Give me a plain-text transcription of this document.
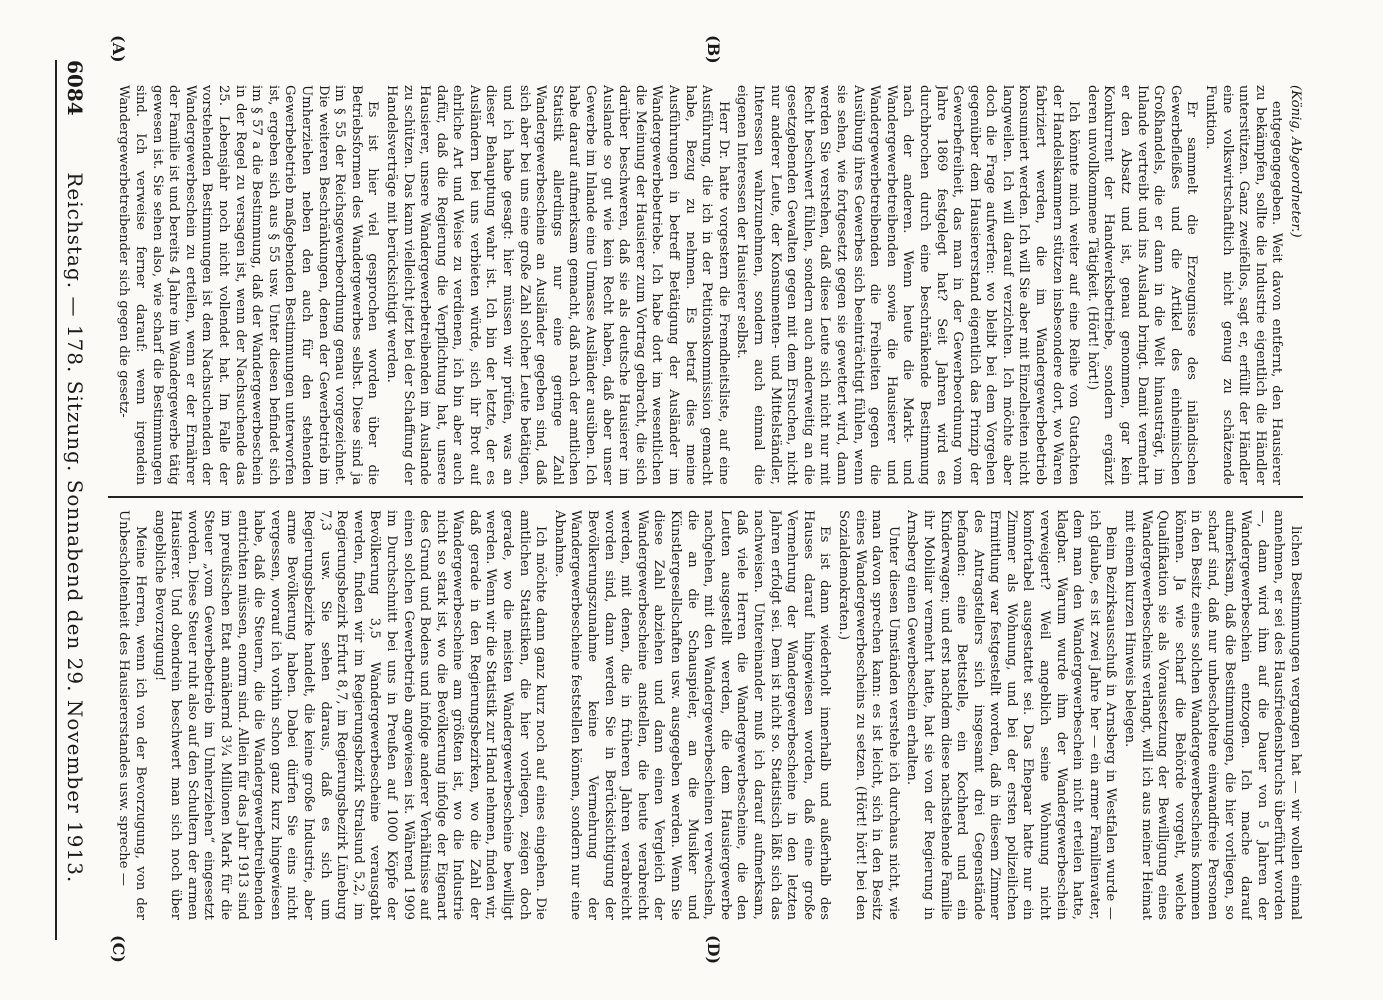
6084
Reichstag. — 178. Sitzung. Sonnabend den 29. November 1913.
(A)	(B)
(C)	(D)

(König, Abgeordneter.)

entgegengegeben. Weit davon entfernt, den Hausierer zu bekämpfen, sollte die Industrie eigentlich die Händler unterstützen. Ganz zweifellos, sagt er, erfüllt der Händler eine volkswirtschaftlich nicht genug zu schätzende Funktion.

Er sammelt die Erzeugnisse des inländischen Gewerbefleißes und die Artikel des einheimischen Großhandels, die er dann in die Welt hinausträgt, im Inlande vertreibt und ins Ausland bringt. Damit vermehrt er den Absatz und ist, genau genommen, gar kein Konkurrent der Handwerksbetriebe, sondern ergänzt deren unvollkommene Tätigkeit. (Hört! hört!)

Ich könnte mich weiter auf eine Reihe von Gutachten der Handelskammern stützen insbesondere dort, wo Waren fabriziert werden, die im Wandergewerbebetrieb konsumiert werden. Ich will Sie aber mit Einzelheiten nicht langweilen. Ich will darauf verzichten. Ich möchte aber doch die Frage aufwerfen: wo bleibt bei dem Vorgehen gegenüber dem Hausiererstand eigentlich das Prinzip der Gewerbefreiheit, das man in der Gewerbeordnung vom Jahre 1869 festgelegt hat? Seit Jahren wird es durchbrochen durch eine beschränkende Bestimmung nach der anderen. Wenn heute die Markt- und Wandergewerbetreibenden sowie die Hausierer und Wandergewerbetreibenden die Freiheiten gegen die Ausübung ihres Gewerbes sich beeinträchtigt fühlen, wenn sie sehen, wie fortgesetzt gegen sie gewettert wird, dann werden Sie verstehen, daß diese Leute sich nicht nur mit Recht beschwert fühlen, sondern auch anderweitig an die gesetzgebenden Gewalten gegen mit dem Ersuchen, nicht nur anderer Leute, der Konsumenten- und Mittelständler, Interessen wahrzunehmen, sondern auch einmal die eigenen Interessen der Hausierer selbst.

Herr Dr. hatte vorgestern die Fremdheitsliste, auf eine Ausführung, die ich in der Petitionskommission gemacht habe, Bezug zu nehmen. Es betraf dies meine Ausführungen in betreff Betätigung der Ausländer im Wandergewerbebetriebe. Ich habe dort im wesentlichen die Meinung der Hausierer zum Vortrag gebracht, die sich darüber beschweren, daß sie als deutsche Hausierer im Auslande so gut wie kein Recht haben, daß aber unser Gewerbe im Inlande eine Unmasse Ausländer ausüben. Ich habe darauf aufmerksam gemacht, daß nach der amtlichen Statistik allerdings nur eine geringe Zahl Wandergewerbescheine an Ausländer gegeben sind, daß sich aber bei uns eine große Zahl solcher Leute betätigen, und ich habe gesagt: hier müssen wir prüfen, was an dieser Behauptung wahr ist. Ich bin der letzte, der es Ausländern bei uns verbieten würde, sich ihr Brot auf ehrliche Art und Weise zu verdienen, ich bin aber auch dafür, daß die Regierung die Verpflichtung hat, unsere Hausierer, unsere Wandergewerbetreibenden im Auslande zu schützen. Das kann vielleicht jetzt bei der Schaffung der Handelsverträge mit berücksichtigt werden.

Es ist hier viel gesprochen worden über die Betriebsformen des Wandergewerbes selbst. Diese sind ja im § 55 der Reichsgewerbeordnung genau vorgezeichnet. Die weiteren Beschränkungen, denen der Gewerbetrieb im Umherziehen neben den auch für den stehenden Gewerbebetrieb maßgebenden Bestimmungen unterworfen ist, ergeben sich aus § 55 usw. Unter diesen befindet sich im § 57 a die Bestimmung, daß der Wandergewerbeschein in der Regel zu versagen ist, wenn der Nachsuchende das 25. Lebensjahr noch nicht vollendet hat. Im Falle der vorstehenden Bestimmungen ist dem Nachsuchenden der Wandergewerbeschein zu erteilen, wenn er der Ernährer der Familie ist und bereits 4 Jahre im Wandergewerbe tätig gewesen ist. Sie sehen also, wie scharf die Bestimmungen sind. Ich verweise ferner darauf: wenn irgendein Wandergewerbetreibender sich gegen die gesetz-

lichen Bestimmungen vergangen hat — wir wollen einmal annehmen, er sei des Hausfriedensbruchs überführt worden —, dann wird ihm auf die Dauer von 5 Jahren der Wandergewerbeschein entzogen. Ich mache darauf aufmerksam, daß die Bestimmungen, die hier vorliegen, so scharf sind, daß nur unbescholtene einwandfreie Personen in den Besitz eines solchen Wandergewerbescheins kommen können. Ja wie scharf die Behörde vorgeht, welche Qualifikation sie als Voraussetzung der Bewilligung eines Wandergewerbescheins verlangt, will ich aus meiner Heimat mit einem kurzen Hinweis belegen.

Beim Bezirksausschuß in Arnsberg in Westfalen wurde — ich glaube, es ist zwei Jahre her — ein armer Familienvater, dem man den Wandergewerbeschein nicht erteilen hatte, klagbar. Warum wurde ihm der Wandergewerbeschein verweigert? Weil angeblich seine Wohnung nicht komfortabel ausgestattet sei. Das Ehepaar hatte nur ein Zimmer als Wohnung, und bei der ersten polizeilichen Ermittlung war festgestellt worden, daß in diesem Zimmer des Antragstellers sich insgesamt drei Gegenstände befanden: eine Bettstelle, ein Kochherd und ein Kinderwagen; und erst nachdem diese nachstehende Familie ihr Mobiliar vermehrt hatte, hat sie von der Regierung in Arnsberg einen Gewerbeschein erhalten.

Unter diesen Umständen verstehe ich durchaus nicht, wie man davon sprechen kann: es ist leicht, sich in den Besitz eines Wandergewerbescheins zu setzen. (Hört! hört! bei den Sozialdemokraten.)

Es ist dann wiederholt innerhalb und außerhalb des Hauses darauf hingewiesen worden, daß eine große Vermehrung der Wandergewerbescheine in den letzten Jahren erfolgt sei. Dem ist nicht so. Statistisch läßt sich das nachweisen. Untereinander muß ich darauf aufmerksam, daß viele Herren die Wandergewerbescheine, die den Leuten ausgestellt werden, die dem Hausiergewerbe nachgehen, mit den Wandergewerbescheinen verwechseln, die an die Schauspieler, an die Musiker und Künstlergesellschaften usw. ausgegeben werden. Wenn Sie diese Zahl abziehen und dann einen Vergleich der Wandergewerbescheine anstellen, die heute verabreicht werden, mit denen, die in früheren Jahren verabreicht worden sind, dann werden Sie in Berücksichtigung der Bevölkerungszunahme keine Vermehrung der Wandergewerbescheine feststellen können, sondern nur eine Abnahme.

Ich möchte dann ganz kurz noch auf eines eingehen. Die amtlichen Statistiken, die hier vorliegen, zeigen doch gerade, wo die meisten Wandergewerbescheine bewilligt werden. Wenn wir die Statistik zur Hand nehmen, finden wir, daß gerade in den Regierungsbezirken, wo die Zahl der Wandergewerbescheine am größten ist, wo die Industrie nicht so stark ist, wo die Bevölkerung infolge der Eigenart des Grund und Bodens und infolge anderer Verhältnisse auf einen solchen Gewerbetrieb angewiesen ist. Während 1909 im Durchschnitt bei uns in Preußen auf 1000 Köpfe der Bevölkerung 3,5 Wandergewerbescheine verausgabt werden, finden wir im Regierungsbezirk Stralsund 5,2, im Regierungsbezirk Erfurt 8,7, im Regierungsbezirk Lüneburg 7,3 usw. Sie sehen daraus, daß es sich um Regierungsbezirke handelt, die keine große Industrie, aber arme Bevölkerung haben. Dabei dürfen Sie eins nicht vergessen, worauf ich vorhin schon ganz kurz hingewiesen habe, daß die Steuern, die die Wandergewerbetreibenden entrichten müssen, enorm sind. Allein für das Jahr 1913 sind im preußischen Etat annähernd 3¼ Millionen Mark für die Steuer „vom Gewerbebetrieb im Umherziehen“ eingesetzt worden. Diese Steuer ruht also auf den Schultern der armen Hausierer. Und obendrein beschwert man sich noch über angebliche Bevorzugung!

Meine Herren, wenn ich von der Bevorzugung, von der Unbescholtenheit des Hausiererstandes usw. spreche —
